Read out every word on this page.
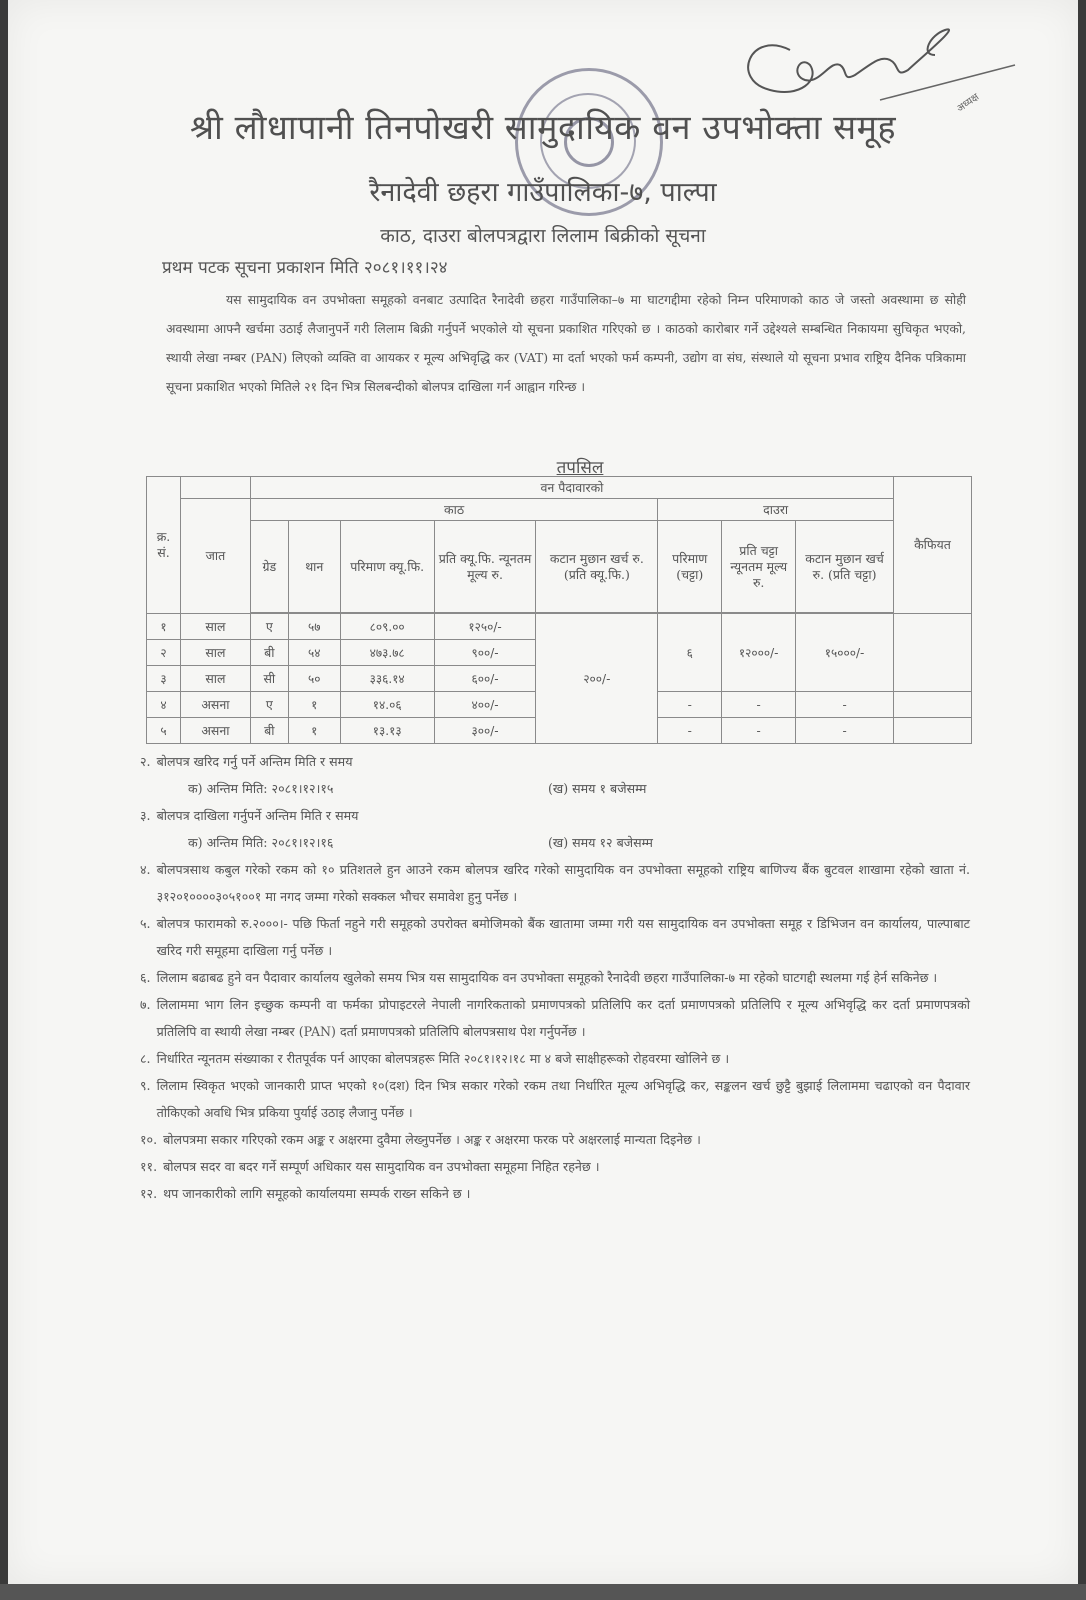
अध्यक्ष
श्री लौधापानी तिनपोखरी सामुदायिक वन उपभोक्ता समूह
रैनादेवी छहरा गाउँपालिका-७, पाल्पा
काठ, दाउरा बोलपत्रद्वारा लिलाम बिक्रीको सूचना
प्रथम पटक सूचना प्रकाशन मिति २०८१।११।२४
यस सामुदायिक वन उपभोक्ता समूहको वनबाट उत्पादित रैनादेवी छहरा गाउँपालिका–७ मा घाटगद्दीमा रहेको निम्न परिमाणको काठ जे जस्तो अवस्थामा छ सोही अवस्थामा आफ्नै खर्चमा उठाई लैजानुपर्ने गरी लिलाम बिक्री गर्नुपर्ने भएकोले यो सूचना प्रकाशित गरिएको छ । काठको कारोबार गर्ने उद्देश्यले सम्बन्धित निकायमा सुचिकृत भएको, स्थायी लेखा नम्बर (PAN) लिएको व्यक्ति वा आयकर र मूल्य अभिवृद्धि कर (VAT) मा दर्ता भएको फर्म कम्पनी, उद्योग वा संघ, संस्थाले यो सूचना प्रभाव राष्ट्रिय दैनिक पत्रिकामा सूचना प्रकाशित भएको मितिले २१ दिन भित्र सिलबन्दीको बोलपत्र दाखिला गर्न आह्वान गरिन्छ ।
तपसिल
क्र. सं.		वन पैदावारको								कैफियत
	जात	काठ					दाउरा			
		ग्रेड	थान	परिमाण क्यू.फि.	प्रति क्यू.फि. न्यूनतम मूल्य रु.	कटान मुछान खर्च रु. (प्रति क्यू.फि.)	परिमाण (चट्टा)	प्रति चट्टा न्यूनतम मूल्य रु.	कटान मुछान खर्च रु. (प्रति चट्टा)	

१	साल	ए	५७	८०९.००	१२५०/-	२००/-	६	१२०००/-	१५०००/-	
२	साल	बी	५४	४७३.७८	९००/-					
३	साल	सी	५०	३३६.१४	६००/-					
४	असना	ए	१	१४.०६	४००/-		-	-	-	
५	असना	बी	१	१३.१३	३००/-		-	-	-	
२. बोलपत्र खरिद गर्नु पर्ने अन्तिम मिति र समय
क) अन्तिम मिति: २०८१।१२।१५	(ख) समय १ बजेसम्म
३. बोलपत्र दाखिला गर्नुपर्ने अन्तिम मिति र समय
क) अन्तिम मिति: २०८१।१२।१६	(ख) समय १२ बजेसम्म
४. बोलपत्रसाथ कबुल गरेको रकम को १० प्रतिशतले हुन आउने रकम बोलपत्र खरिद गरेको सामुदायिक वन उपभोक्ता समूहको राष्ट्रिय बाणिज्य बैंक बुटवल शाखामा रहेको खाता नं. ३१२०१००००३०५१००१ मा नगद जम्मा गरेको सक्कल भौचर समावेश हुनु पर्नेछ ।
५. बोलपत्र फारामको रु.२०००।- पछि फिर्ता नहुने गरी समूहको उपरोक्त बमोजिमको बैंक खातामा जम्मा गरी यस सामुदायिक वन उपभोक्ता समूह र डिभिजन वन कार्यालय, पाल्पाबाट खरिद गरी समूहमा दाखिला गर्नु पर्नेछ ।
६. लिलाम बढाबढ हुने वन पैदावार कार्यालय खुलेको समय भित्र यस सामुदायिक वन उपभोक्ता समूहको रैनादेवी छहरा गाउँपालिका-७ मा रहेको घाटगद्दी स्थलमा गई हेर्न सकिनेछ ।
७. लिलाममा भाग लिन इच्छुक कम्पनी वा फर्मका प्रोपाइटरले नेपाली नागरिकताको प्रमाणपत्रको प्रतिलिपि कर दर्ता प्रमाणपत्रको प्रतिलिपि र मूल्य अभिवृद्धि कर दर्ता प्रमाणपत्रको प्रतिलिपि वा स्थायी लेखा नम्बर (PAN) दर्ता प्रमाणपत्रको प्रतिलिपि बोलपत्रसाथ पेश गर्नुपर्नेछ ।
८. निर्धारित न्यूनतम संख्याका र रीतपूर्वक पर्न आएका बोलपत्रहरू मिति २०८१।१२।१८ मा ४ बजे साक्षीहरूको रोहवरमा खोलिने छ ।
९. लिलाम स्विकृत भएको जानकारी प्राप्त भएको १०(दश) दिन भित्र सकार गरेको रकम तथा निर्धारित मूल्य अभिवृद्धि कर, सङ्कलन खर्च छुट्टै बुझाई लिलाममा चढाएको वन पैदावार तोकिएको अवधि भित्र प्रकिया पुर्याई उठाइ लैजानु पर्नेछ ।
१०. बोलपत्रमा सकार गरिएको रकम अङ्क र अक्षरमा दुवैमा लेख्नुपर्नेछ । अङ्क र अक्षरमा फरक परे अक्षरलाई मान्यता दिइनेछ ।
११. बोलपत्र सदर वा बदर गर्ने सम्पूर्ण अधिकार यस सामुदायिक वन उपभोक्ता समूहमा निहित रहनेछ ।
१२. थप जानकारीको लागि समूहको कार्यालयमा सम्पर्क राख्न सकिने छ ।
